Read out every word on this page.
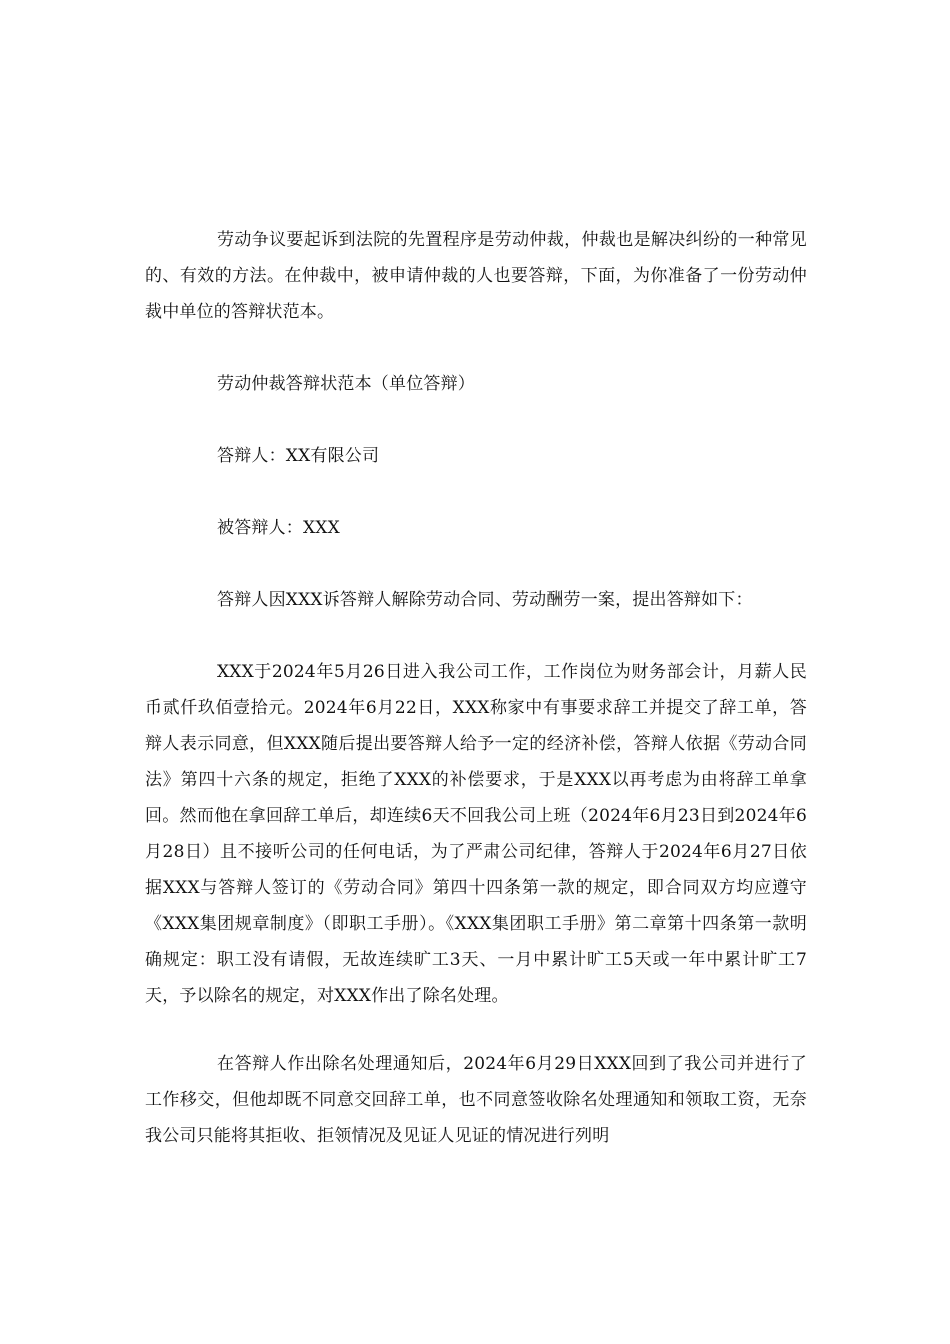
劳动争议要起诉到法院的先置程序是劳动仲裁，仲裁也是解决纠纷的一种常见的、有效的方法。在仲裁中，被申请仲裁的人也要答辩，下面，为你准备了一份劳动仲裁中单位的答辩状范本。

劳动仲裁答辩状范本（单位答辩）

答辩人：XX有限公司

被答辩人：XXX

答辩人因XXX诉答辩人解除劳动合同、劳动酬劳一案，提出答辩如下：

XXX于2024年5月26日进入我公司工作，工作岗位为财务部会计，月薪人民币贰仟玖佰壹拾元。2024年6月22日，XXX称家中有事要求辞工并提交了辞工单，答辩人表示同意，但XXX随后提出要答辩人给予一定的经济补偿，答辩人依据《劳动合同法》第四十六条的规定，拒绝了XXX的补偿要求，于是XXX以再考虑为由将辞工单拿回。然而他在拿回辞工单后，却连续6天不回我公司上班（2024年6月23日到2024年6月28日）且不接听公司的任何电话，为了严肃公司纪律，答辩人于2024年6月27日依据XXX与答辩人签订的《劳动合同》第四十四条第一款的规定，即合同双方均应遵守《XXX集团规章制度》（即职工手册）。《XXX集团职工手册》第二章第十四条第一款明确规定：职工没有请假，无故连续旷工3天、一月中累计旷工5天或一年中累计旷工7天，予以除名的规定，对XXX作出了除名处理。

在答辩人作出除名处理通知后，2024年6月29日XXX回到了我公司并进行了工作移交，但他却既不同意交回辞工单，也不同意签收除名处理通知和领取工资，无奈我公司只能将其拒收、拒领情况及见证人见证的情况进行列明
